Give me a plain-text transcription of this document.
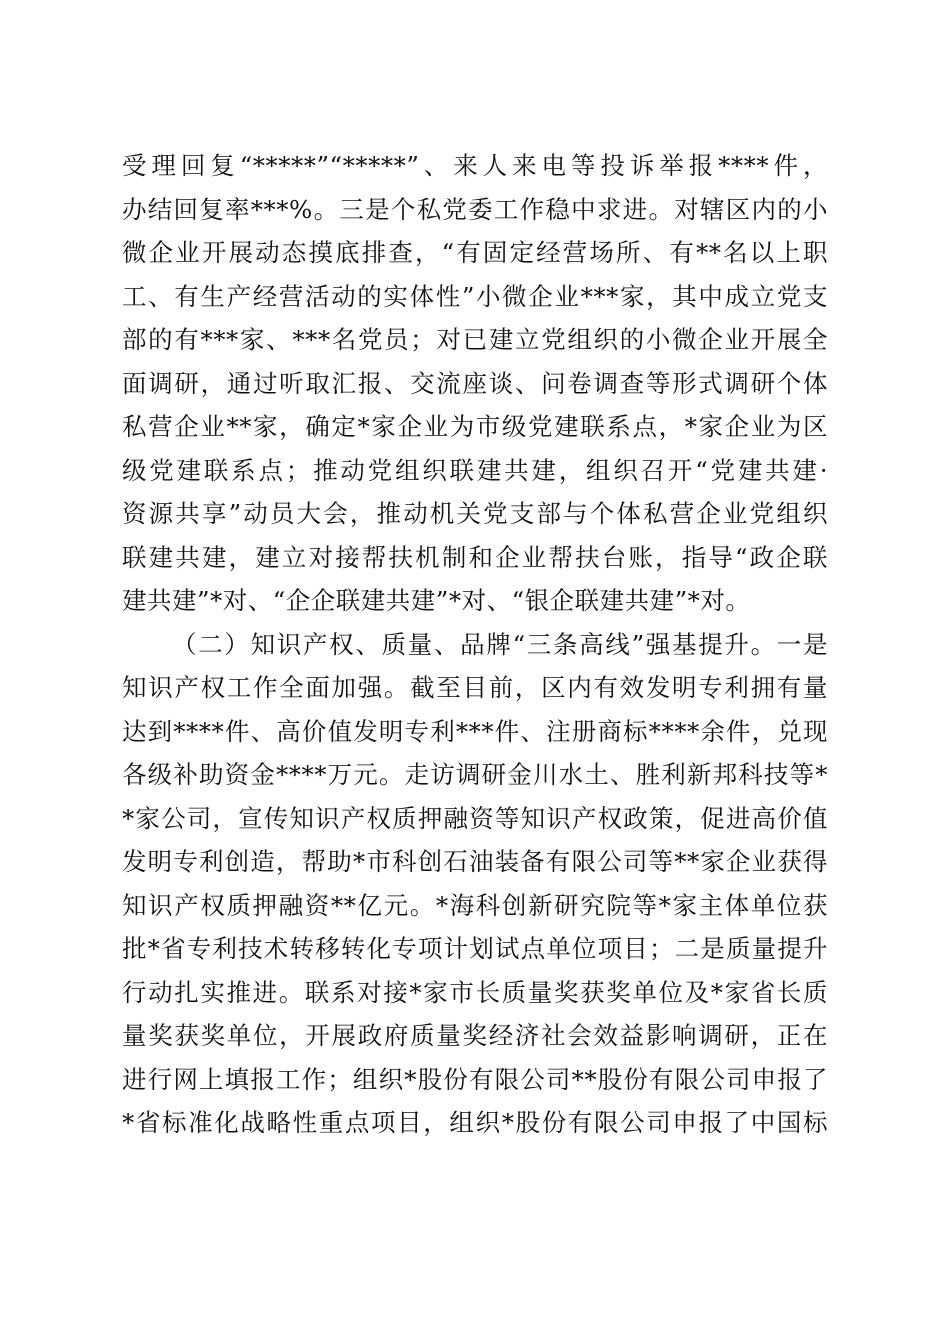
受理回复“*****”“*****”、来人来电等投诉举报****件，
办结回复率***%。三是个私党委工作稳中求进。对辖区内的小
微企业开展动态摸底排查，“有固定经营场所、有**名以上职
工、有生产经营活动的实体性”小微企业***家，其中成立党支
部的有***家、***名党员；对已建立党组织的小微企业开展全
面调研，通过听取汇报、交流座谈、问卷调查等形式调研个体
私营企业**家，确定*家企业为市级党建联系点，*家企业为区
级党建联系点；推动党组织联建共建，组织召开“党建共建·
资源共享”动员大会，推动机关党支部与个体私营企业党组织
联建共建，建立对接帮扶机制和企业帮扶台账，指导“政企联
建共建”*对、“企企联建共建”*对、“银企联建共建”*对。
（二）知识产权、质量、品牌“三条高线”强基提升。一是
知识产权工作全面加强。截至目前，区内有效发明专利拥有量
达到****件、高价值发明专利***件、注册商标****余件，兑现
各级补助资金****万元。走访调研金川水土、胜利新邦科技等*
*家公司，宣传知识产权质押融资等知识产权政策，促进高价值
发明专利创造，帮助*市科创石油装备有限公司等**家企业获得
知识产权质押融资**亿元。*海科创新研究院等*家主体单位获
批*省专利技术转移转化专项计划试点单位项目；二是质量提升
行动扎实推进。联系对接*家市长质量奖获奖单位及*家省长质
量奖获奖单位，开展政府质量奖经济社会效益影响调研，正在
进行网上填报工作；组织*股份有限公司**股份有限公司申报了
*省标准化战略性重点项目，组织*股份有限公司申报了中国标
